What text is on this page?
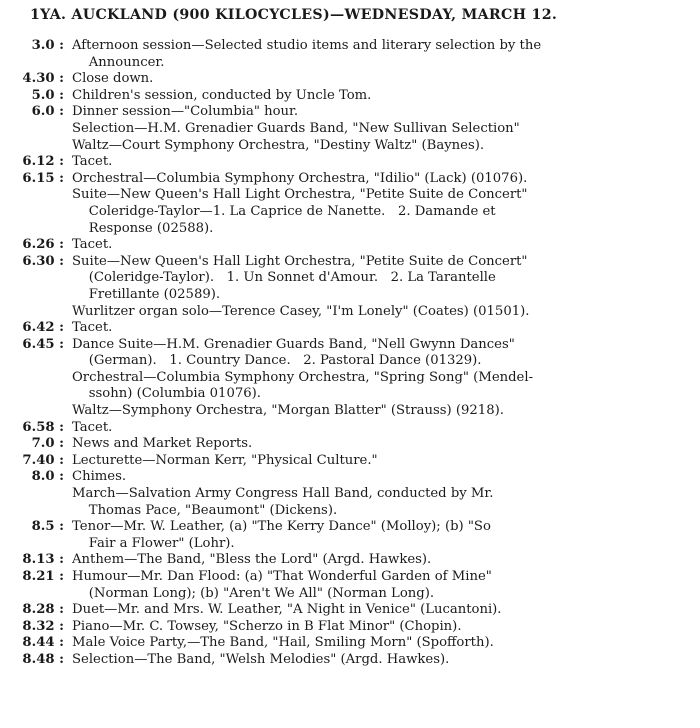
1YA. AUCKLAND (900 KILOCYCLES)—WEDNESDAY, MARCH 12.
3.0 : Afternoon session—Selected studio items and literary selection by the
Announcer.
4.30 : Close down.
5.0 : Children's session, conducted by Uncle Tom.
6.0 : Dinner session—"Columbia" hour.
Selection—H.M. Grenadier Guards Band, "New Sullivan Selection"
Waltz—Court Symphony Orchestra, "Destiny Waltz" (Baynes).
6.12 : Tacet.
6.15 : Orchestral—Columbia Symphony Orchestra, "Idilio" (Lack) (01076).
Suite—New Queen's Hall Light Orchestra, "Petite Suite de Concert"
Coleridge-Taylor—1. La Caprice de Nanette.   2. Damande et
Response (02588).
6.26 : Tacet.
6.30 : Suite—New Queen's Hall Light Orchestra, "Petite Suite de Concert"
(Coleridge-Taylor).   1. Un Sonnet d'Amour.   2. La Tarantelle
Fretillante (02589).
Wurlitzer organ solo—Terence Casey, "I'm Lonely" (Coates) (01501).
6.42 : Tacet.
6.45 : Dance Suite—H.M. Grenadier Guards Band, "Nell Gwynn Dances"
(German).   1. Country Dance.   2. Pastoral Dance (01329).
Orchestral—Columbia Symphony Orchestra, "Spring Song" (Mendel-
ssohn) (Columbia 01076).
Waltz—Symphony Orchestra, "Morgan Blatter" (Strauss) (9218).
6.58 : Tacet.
7.0 : News and Market Reports.
7.40 : Lecturette—Norman Kerr, "Physical Culture."
8.0 : Chimes.
March—Salvation Army Congress Hall Band, conducted by Mr.
Thomas Pace, "Beaumont" (Dickens).
8.5 : Tenor—Mr. W. Leather, (a) "The Kerry Dance" (Molloy); (b) "So
Fair a Flower" (Lohr).
8.13 : Anthem—The Band, "Bless the Lord" (Argd. Hawkes).
8.21 : Humour—Mr. Dan Flood: (a) "That Wonderful Garden of Mine"
(Norman Long); (b) "Aren't We All" (Norman Long).
8.28 : Duet—Mr. and Mrs. W. Leather, "A Night in Venice" (Lucantoni).
8.32 : Piano—Mr. C. Towsey, "Scherzo in B Flat Minor" (Chopin).
8.44 : Male Voice Party,—The Band, "Hail, Smiling Morn" (Spofforth).
8.48 : Selection—The Band, "Welsh Melodies" (Argd. Hawkes).
